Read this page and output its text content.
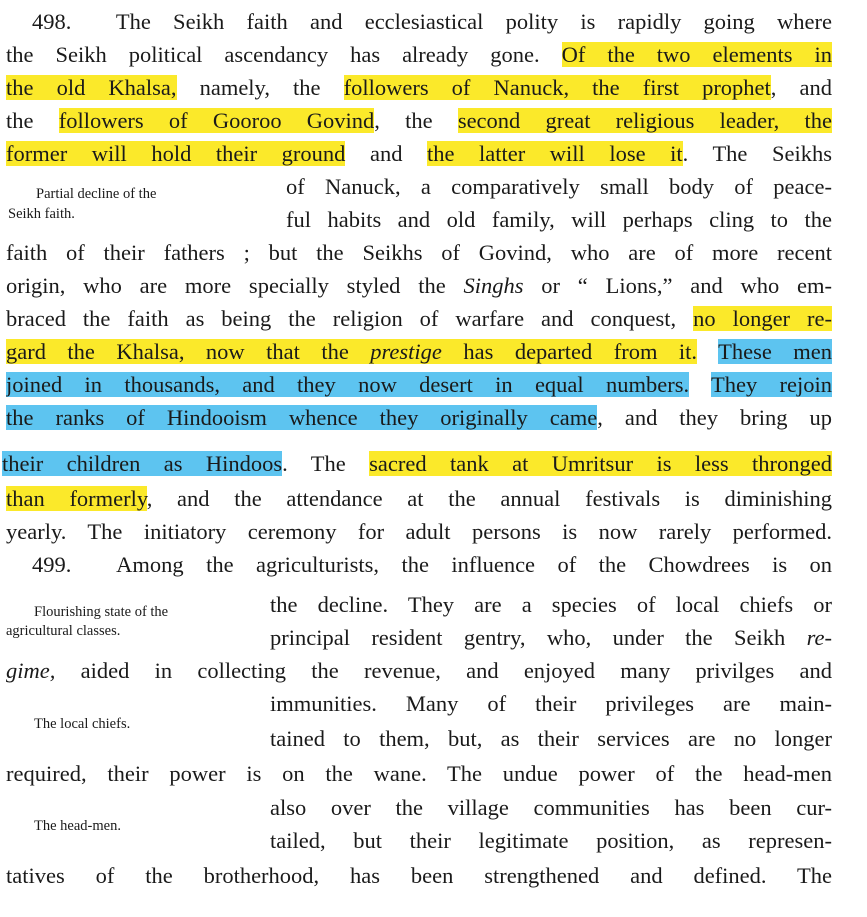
498. The Seikh faith and ecclesiastical polity is rapidly going where
the Seikh political ascendancy has already gone. Of the two elements in
the old Khalsa, namely, the followers of Nanuck, the first prophet, and
the followers of Gooroo Govind, the second great religious leader, the
former will hold their ground and the latter will lose it. The Seikhs
Partial decline of the
Seikh faith.
of Nanuck, a comparatively small body of peace-
ful habits and old family, will perhaps cling to the
faith of their fathers ; but the Seikhs of Govind, who are of more recent
origin, who are more specially styled the Singhs or “ Lions,” and who em-
braced the faith as being the religion of warfare and conquest, no longer re-
gard the Khalsa, now that the prestige has departed from it. These men
joined in thousands, and they now desert in equal numbers. They rejoin
the ranks of Hindooism whence they originally came, and they bring up
their children as Hindoos. The sacred tank at Umritsur is less thronged
than formerly, and the attendance at the annual festivals is diminishing
yearly. The initiatory ceremony for adult persons is now rarely performed.
499. Among the agriculturists, the influence of the Chowdrees is on
Flourishing state of the
agricultural classes.
the decline. They are a species of local chiefs or
principal resident gentry, who, under the Seikh re-
gime, aided in collecting the revenue, and enjoyed many privilges and
The local chiefs.
immunities. Many of their privileges are main-
tained to them, but, as their services are no longer
required, their power is on the wane. The undue power of the head-men
The head-men.
also over the village communities has been cur-
tailed, but their legitimate position, as represen-
tatives of the brotherhood, has been strengthened and defined. The
